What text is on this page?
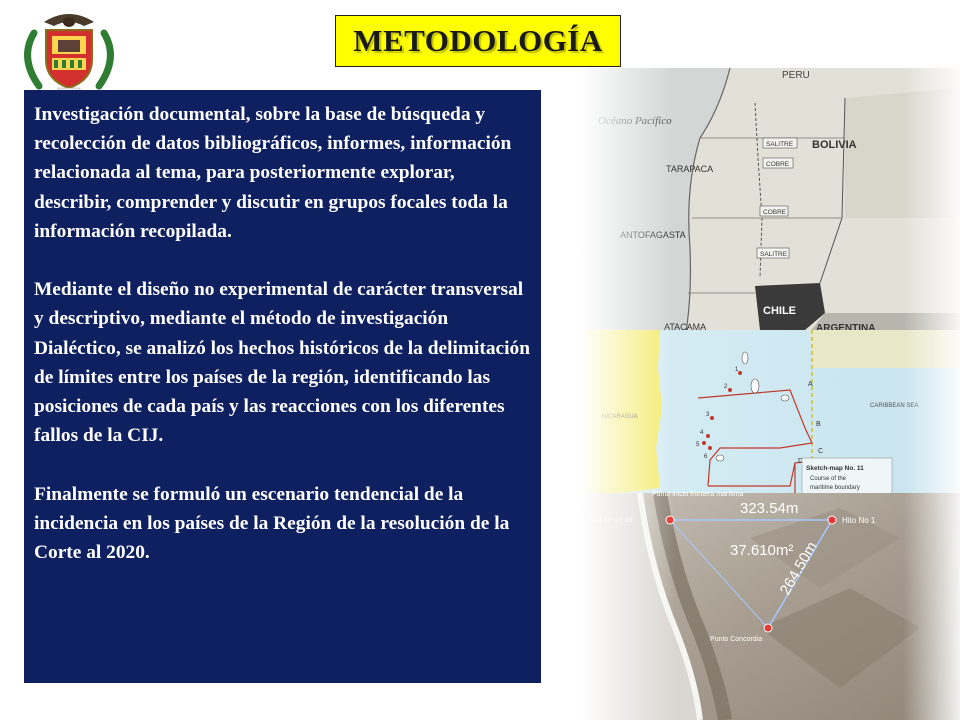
METODOLOGÍA

Investigación documental, sobre la base de búsqueda y recolección de datos bibliográficos, informes, información relacionada al tema, para posteriormente explorar, describir, comprender y discutir en grupos focales toda la información recopilada.

Mediante el diseño no experimental de carácter transversal y descriptivo, mediante el método de investigación Dialéctico, se analizó los hechos históricos de la delimitación de límites entre los países de la región, identificando las posiciones de cada país y las reacciones con los diferentes fallos de la CIJ.

Finalmente se formuló un escenario tendencial de la incidencia en los países de la Región de la resolución de la Corte al 2020.
